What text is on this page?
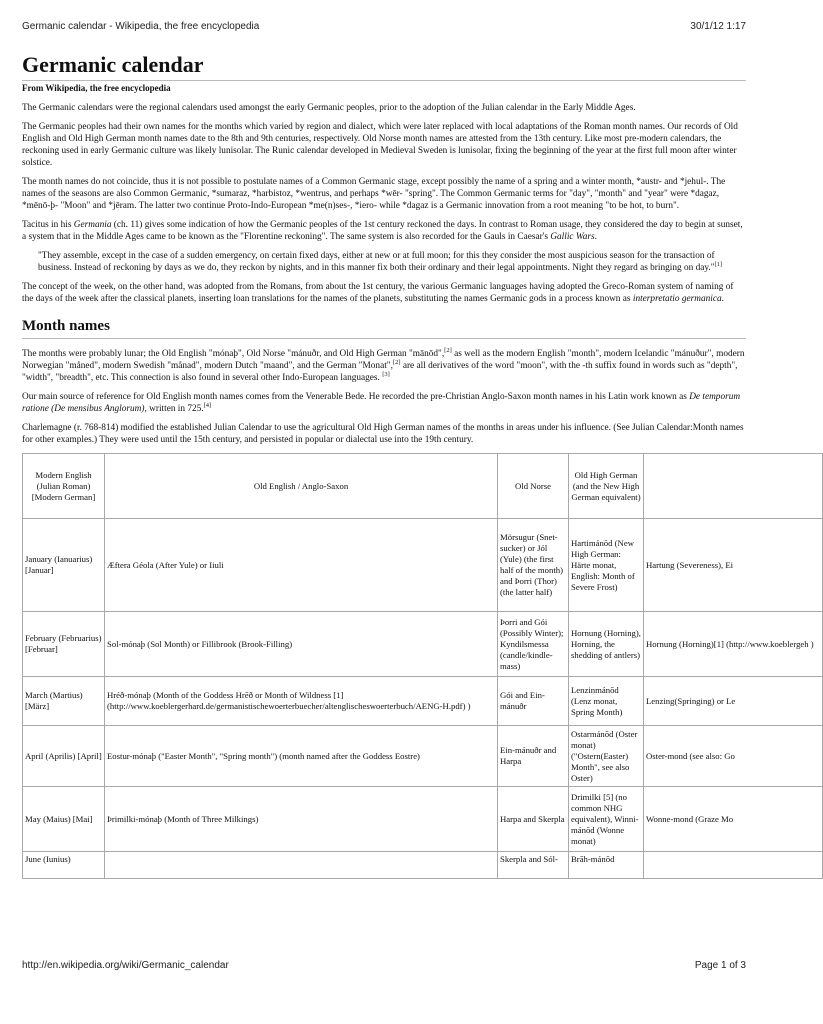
Germanic calendar - Wikipedia, the free encyclopedia	30/1/12 1:17
Germanic calendar
From Wikipedia, the free encyclopedia

The Germanic calendars were the regional calendars used amongst the early Germanic peoples, prior to the adoption of the Julian calendar in the Early Middle Ages.

The Germanic peoples had their own names for the months which varied by region and dialect, which were later replaced with local adaptations of the Roman month names. Our records of Old English and Old High German month names date to the 8th and 9th centuries, respectively. Old Norse month names are attested from the 13th century. Like most pre-modern calendars, the reckoning used in early Germanic culture was likely lunisolar. The Runic calendar developed in Medieval Sweden is lunisolar, fixing the beginning of the year at the first full moon after winter solstice.

The month names do not coincide, thus it is not possible to postulate names of a Common Germanic stage, except possibly the name of a spring and a winter month, *austr- and *jehul-. The names of the seasons are also Common Germanic, *sumaraz, *harbistoz, *wentrus, and perhaps *wēr- "spring". The Common Germanic terms for "day", "month" and "year" were *dagaz, *mēnō-þ- "Moon" and *jēram. The latter two continue Proto-Indo-European *me(n)ses-, *iero- while *dagaz is a Germanic innovation from a root meaning "to be hot, to burn".

Tacitus in his Germania (ch. 11) gives some indication of how the Germanic peoples of the 1st century reckoned the days. In contrast to Roman usage, they considered the day to begin at sunset, a system that in the Middle Ages came to be known as the "Florentine reckoning". The same system is also recorded for the Gauls in Caesar's Gallic Wars.

"They assemble, except in the case of a sudden emergency, on certain fixed days, either at new or at full moon; for this they consider the most auspicious season for the transaction of business. Instead of reckoning by days as we do, they reckon by nights, and in this manner fix both their ordinary and their legal appointments. Night they regard as bringing on day."[1]

The concept of the week, on the other hand, was adopted from the Romans, from about the 1st century, the various Germanic languages having adopted the Greco-Roman system of naming of the days of the week after the classical planets, inserting loan translations for the names of the planets, substituting the names Germanic gods in a process known as interpretatio germanica.

Month names

The months were probably lunar; the Old English "mónaþ", Old Norse "mánuðr, and Old High German "mānōd",[2] as well as the modern English "month", modern Icelandic "mánuður", modern Norwegian "måned", modern Swedish "månad", modern Dutch "maand", and the German "Monat",[2] are all derivatives of the word "moon", with the -th suffix found in words such as "depth", "width", "breadth", etc. This connection is also found in several other Indo-European languages. [3]

Our main source of reference for Old English month names comes from the Venerable Bede. He recorded the pre-Christian Anglo-Saxon month names in his Latin work known as De temporum ratione (De mensibus Anglorum), written in 725.[4]

Charlemagne (r. 768-814) modified the established Julian Calendar to use the agricultural Old High German names of the months in areas under his influence. (See Julian Calendar:Month names for other examples.) They were used until the 15th century, and persisted in popular or dialectal use into the 19th century.

Modern English (Julian Roman) [Modern German]	Old English / Anglo-Saxon	Old Norse	Old High German (and the New High German equivalent)	
January (Ianuarius) [Januar]	Æftera Géola (After Yule) or Iiuli	Mörsugur (Snet-sucker) or Jól (Yule) (the first half of the month) and Þorri (Thor) (the latter half)	Hartimánōd (New High German: Härte monat, English: Month of Severe Frost)	Hartung (Severeness), Ei
February (Februarius) [Februar]	Sol-mónaþ (Sol Month) or Fillibrook (Brook-Filling)	Þorri and Gói (Possibly Winter); Kyndilsmessa (candle/kindle-mass)	Hornung (Horning), Horning, the shedding of antlers)	Hornung (Horning)[1] (http://www.koeblergeh )
March (Martius) [März]	Hréð-mónaþ (Month of the Goddess Hrēð or Month of Wildness [1] (http://www.koeblergerhard.de/germanistischewoerterbuecher/altenglischeswoerterbuch/AENG-H.pdf) )	Gói and Ein-mánuðr	Lenzinmánōd (Lenz monat, Spring Month)	Lenzing(Springing) or Le
April (Aprilis) [April]	Eostur-mónaþ ("Easter Month", "Spring month") (month named after the Goddess Eostre)	Ein-mánuðr and Harpa	Ostarmánōd (Oster monat) ("Ostern(Easter) Month", see also Oster)	Oster-mond (see also: Go
May (Maius) [Mai]	Þrimilki-mónaþ (Month of Three Milkings)	Harpa and Skerpla	Drimilki [5] (no common NHG equivalent), Winni-mánōd (Wonne monat)	Wonne-mond (Graze Mo
June (Iunius)		Skerpla and Sól-	Brāh-mánōd	
http://en.wikipedia.org/wiki/Germanic_calendar	Page 1 of 3
